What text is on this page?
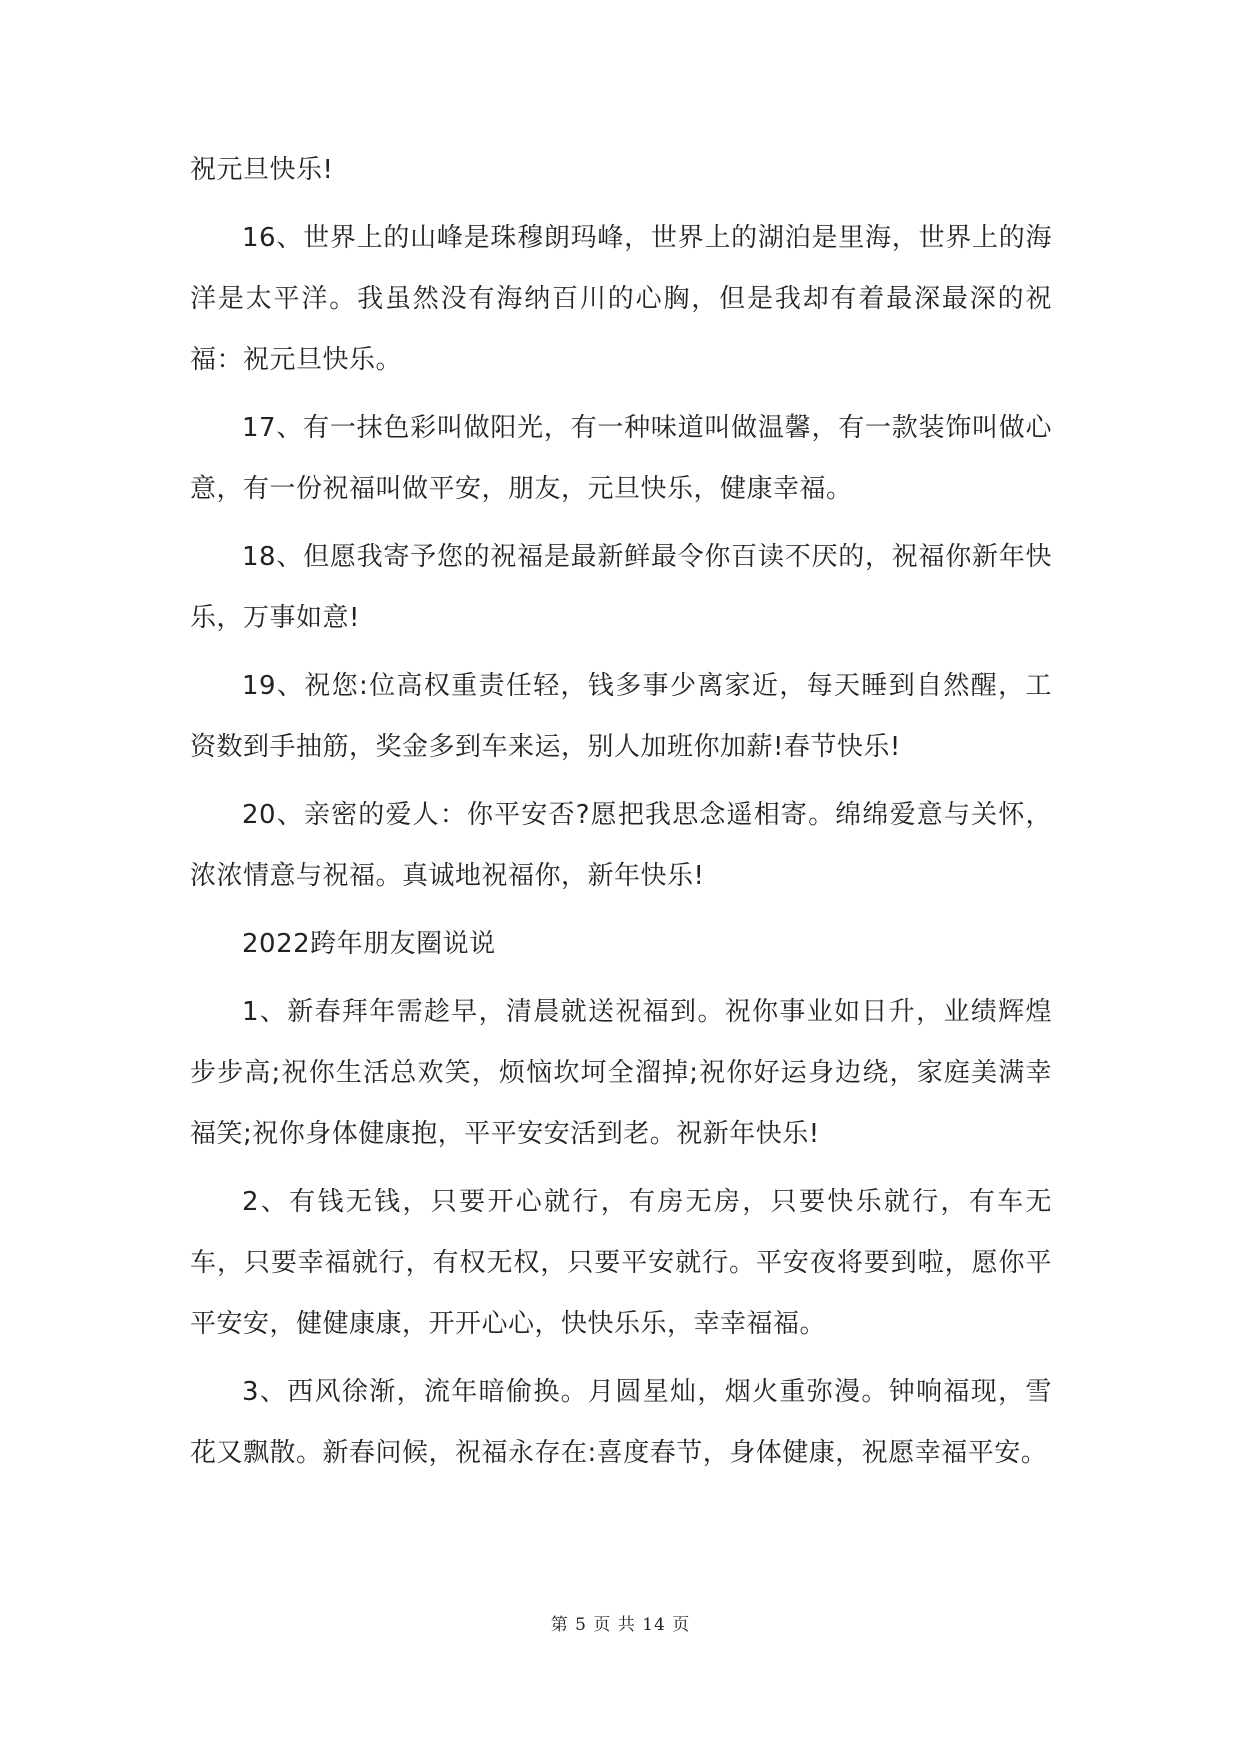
祝元旦快乐!

16、世界上的山峰是珠穆朗玛峰，世界上的湖泊是里海，世界上的海洋是太平洋。我虽然没有海纳百川的心胸，但是我却有着最深最深的祝福：祝元旦快乐。

17、有一抹色彩叫做阳光，有一种味道叫做温馨，有一款装饰叫做心意，有一份祝福叫做平安，朋友，元旦快乐，健康幸福。

18、但愿我寄予您的祝福是最新鲜最令你百读不厌的，祝福你新年快乐，万事如意!

19、祝您:位高权重责任轻，钱多事少离家近，每天睡到自然醒，工资数到手抽筋，奖金多到车来运，别人加班你加薪!春节快乐!

20、亲密的爱人：你平安否?愿把我思念遥相寄。绵绵爱意与关怀，浓浓情意与祝福。真诚地祝福你，新年快乐!

2022跨年朋友圈说说

1、新春拜年需趁早，清晨就送祝福到。祝你事业如日升，业绩辉煌步步高;祝你生活总欢笑，烦恼坎坷全溜掉;祝你好运身边绕，家庭美满幸福笑;祝你身体健康抱，平平安安活到老。祝新年快乐!

2、有钱无钱，只要开心就行，有房无房，只要快乐就行，有车无车，只要幸福就行，有权无权，只要平安就行。平安夜将要到啦，愿你平平安安，健健康康，开开心心，快快乐乐，幸幸福福。

3、西风徐渐，流年暗偷换。月圆星灿，烟火重弥漫。钟响福现，雪花又飘散。新春问候，祝福永存在:喜度春节，身体健康，祝愿幸福平安。

第 5 页 共 14 页
